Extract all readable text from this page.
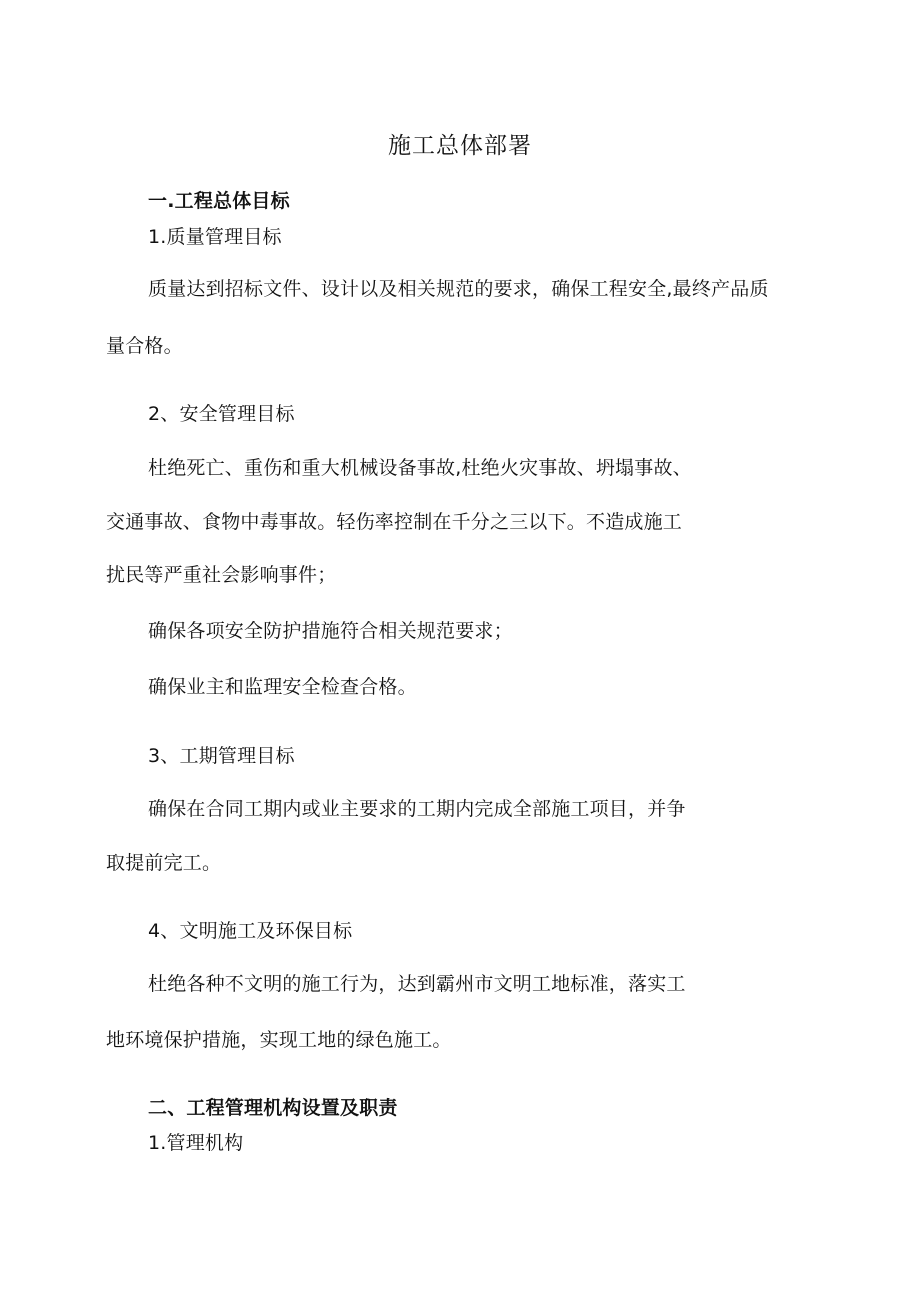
施工总体部署
一.工程总体目标
1.质量管理目标
质量达到招标文件、设计以及相关规范的要求，确保工程安全,最终产品质
量合格。
2、安全管理目标
杜绝死亡、重伤和重大机械设备事故,杜绝火灾事故、坍塌事故、
交通事故、食物中毒事故。轻伤率控制在千分之三以下。不造成施工
扰民等严重社会影响事件；
确保各项安全防护措施符合相关规范要求；
确保业主和监理安全检查合格。
3、工期管理目标
确保在合同工期内或业主要求的工期内完成全部施工项目，并争
取提前完工。
4、文明施工及环保目标
杜绝各种不文明的施工行为，达到霸州市文明工地标准，落实工
地环境保护措施，实现工地的绿色施工。
二、工程管理机构设置及职责
1.管理机构
